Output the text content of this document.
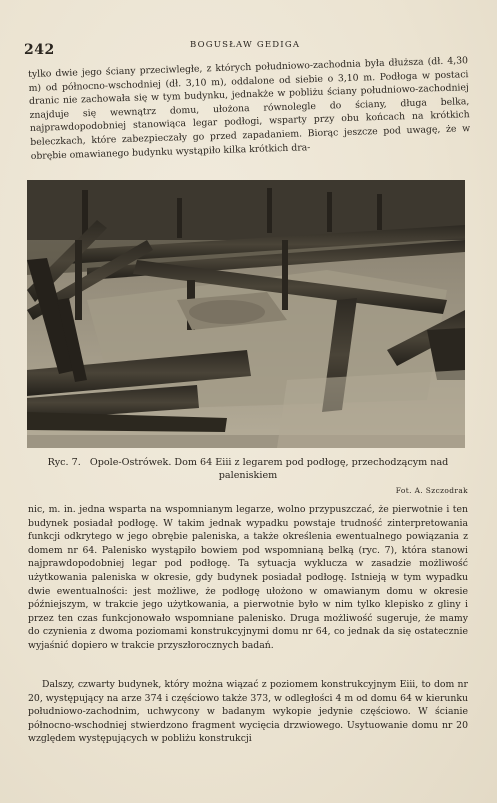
242	BOGUSŁAW GEDIGA

tylko dwie jego ściany przeciwległe, z których południowo-zachodnia była dłuższa (dł. 4,30 m) od północno-wschodniej (dł. 3,10 m), oddalone od siebie o 3,10 m. Podłoga w postaci dranic nie zachowała się w tym budynku, jednakże w pobliżu ściany południowo-zachodniej znajduje się wewnątrz domu, ułożona równolegle do ściany, długa belka, najprawdopodobniej stanowiąca legar podłogi, wsparty przy obu końcach na krótkich beleczkach, które zabezpieczały go przed zapadaniem. Biorąc jeszcze pod uwagę, że w obrębie omawianego budynku wystąpiło kilka krótkich dra-

Ryc. 7. Opole-Ostrówek. Dom 64 Eiii z legarem pod podłogę, przechodzącym nad paleniskiem
Fot. A. Szczodrak

nic, m. in. jedna wsparta na wspomnianym legarze, wolno przypuszczać, że pierwotnie i ten budynek posiadał podłogę. W takim jednak wypadku powstaje trudność zinterpretowania funkcji odkrytego w jego obrębie paleniska, a także określenia ewentualnego powiązania z domem nr 64. Palenisko wystąpiło bowiem pod wspomnianą belką (ryc. 7), która stanowi najprawdopodobniej legar pod podłogę. Ta sytuacja wyklucza w zasadzie możliwość użytkowania paleniska w okresie, gdy budynek posiadał podłogę. Istnieją w tym wypadku dwie ewentualności: jest możliwe, że podłogę ułożono w omawianym domu w okresie późniejszym, w trakcie jego użytkowania, a pierwotnie było w nim tylko klepisko z gliny i przez ten czas funkcjonowało wspomniane palenisko. Druga możliwość sugeruje, że mamy do czynienia z dwoma poziomami konstrukcyjnymi domu nr 64, co jednak da się ostatecznie wyjaśnić dopiero w trakcie przyszłorocznych badań.

Dalszy, czwarty budynek, który można wiązać z poziomem konstrukcyjnym Eiii, to dom nr 20, występujący na arze 374 i częściowo także 373, w odległości 4 m od domu 64 w kierunku południowo-zachodnim, uchwycony w badanym wykopie jedynie częściowo. W ścianie północno-wschodniej stwierdzono fragment wycięcia drzwiowego. Usytuowanie domu nr 20 względem występujących w pobliżu konstrukcji
